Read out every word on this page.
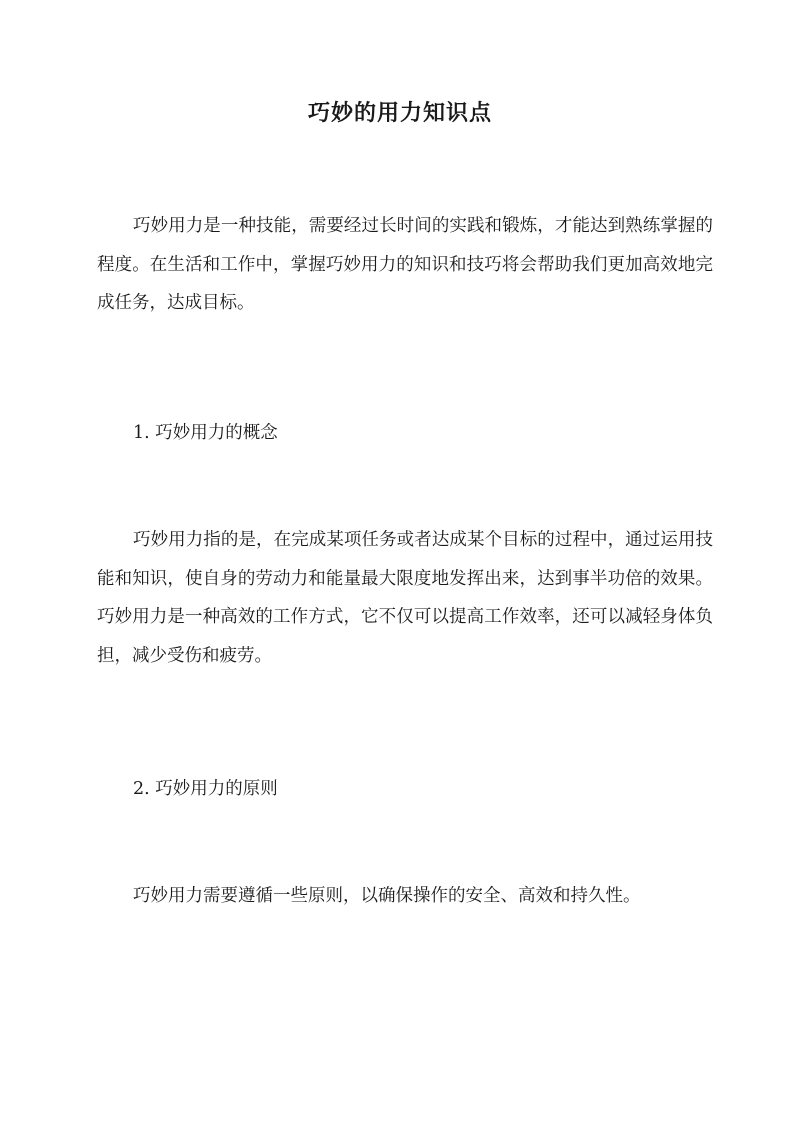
巧妙的用力知识点

巧妙用力是一种技能，需要经过长时间的实践和锻炼，才能达到熟练掌握的程度。在生活和工作中，掌握巧妙用力的知识和技巧将会帮助我们更加高效地完成任务，达成目标。

1. 巧妙用力的概念

巧妙用力指的是，在完成某项任务或者达成某个目标的过程中，通过运用技能和知识，使自身的劳动力和能量最大限度地发挥出来，达到事半功倍的效果。巧妙用力是一种高效的工作方式，它不仅可以提高工作效率，还可以减轻身体负担，减少受伤和疲劳。

2. 巧妙用力的原则

巧妙用力需要遵循一些原则，以确保操作的安全、高效和持久性。
